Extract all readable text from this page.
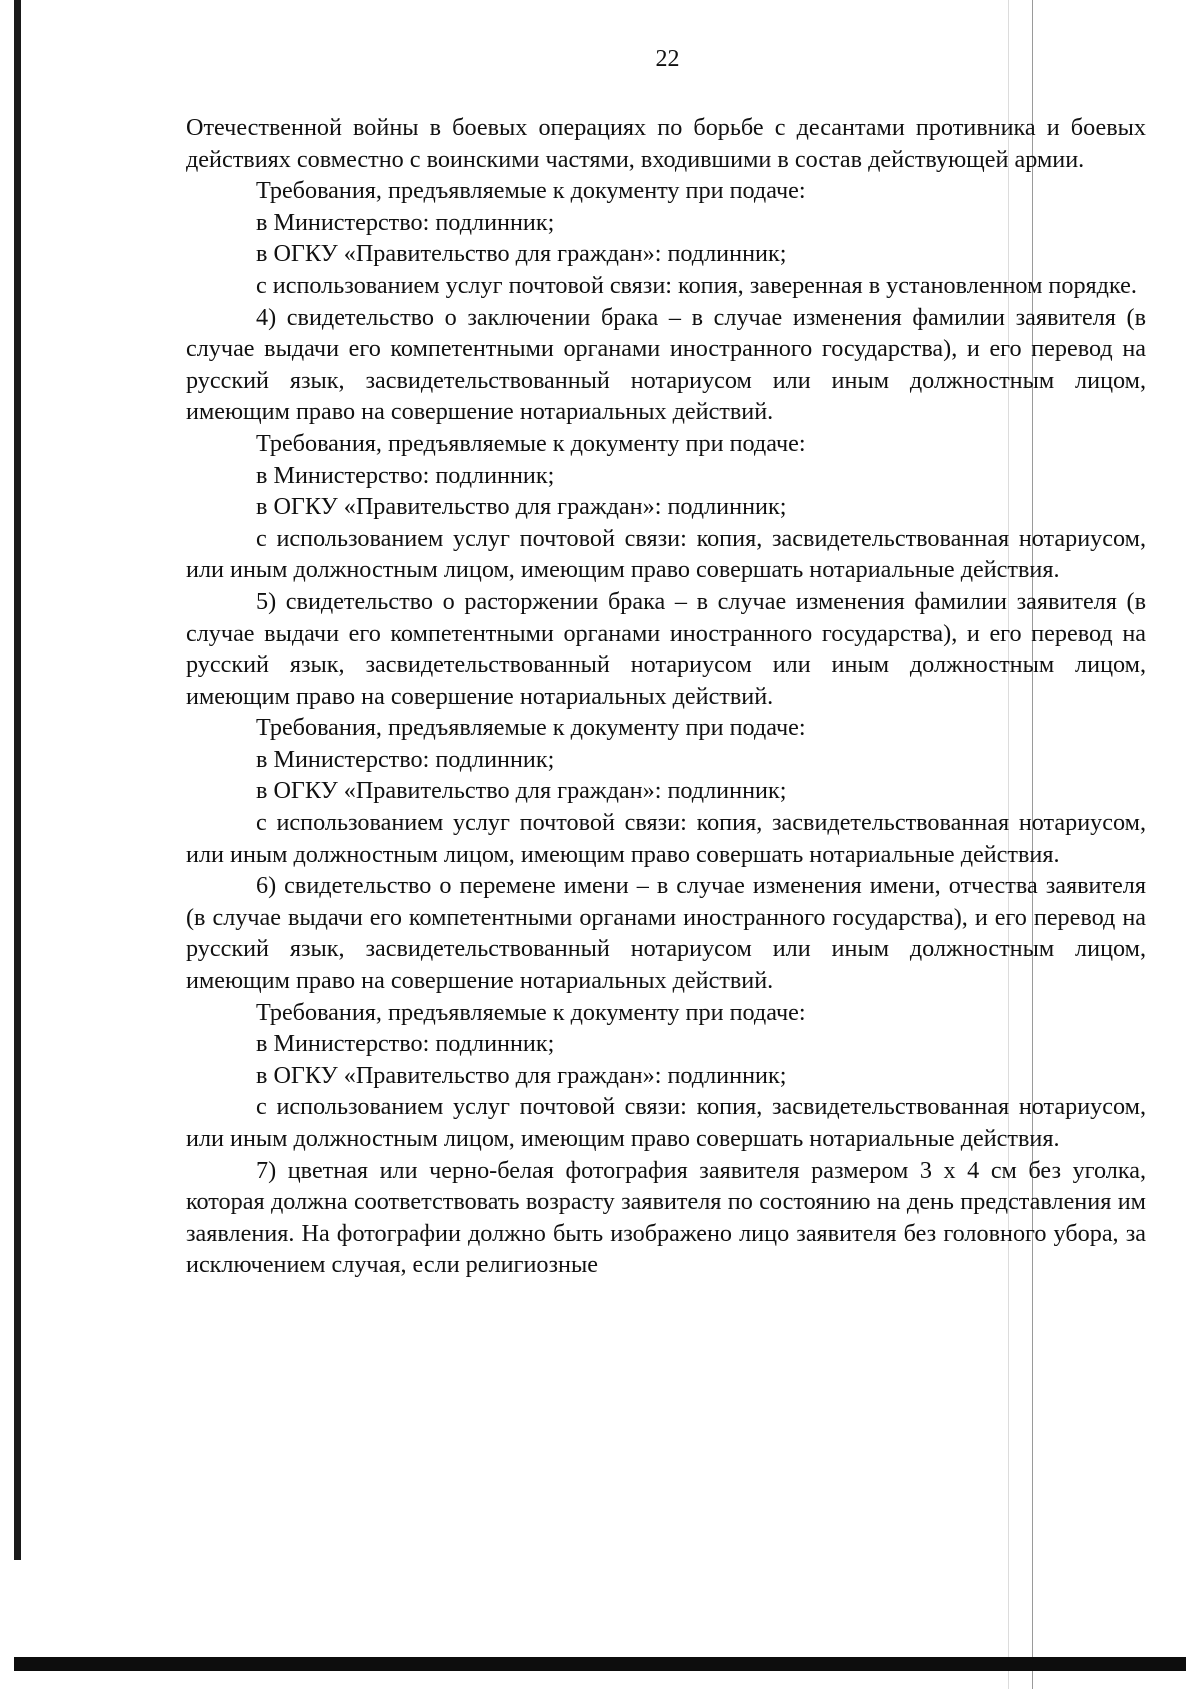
22

Отечественной войны в боевых операциях по борьбе с десантами противника и боевых действиях совместно с воинскими частями, входившими в состав действующей армии.

Требования, предъявляемые к документу при подаче:

в Министерство: подлинник;

в ОГКУ «Правительство для граждан»: подлинник;

с использованием услуг почтовой связи: копия, заверенная в установленном порядке.

4) свидетельство о заключении брака – в случае изменения фамилии заявителя (в случае выдачи его компетентными органами иностранного государства), и его перевод на русский язык, засвидетельствованный нотариусом или иным должностным лицом, имеющим право на совершение нотариальных действий.

Требования, предъявляемые к документу при подаче:

в Министерство: подлинник;

в ОГКУ «Правительство для граждан»: подлинник;

с использованием услуг почтовой связи: копия, засвидетельствованная нотариусом, или иным должностным лицом, имеющим право совершать нотариальные действия.

5) свидетельство о расторжении брака – в случае изменения фамилии заявителя (в случае выдачи его компетентными органами иностранного государства), и его перевод на русский язык, засвидетельствованный нотариусом или иным должностным лицом, имеющим право на совершение нотариальных действий.

Требования, предъявляемые к документу при подаче:

в Министерство: подлинник;

в ОГКУ «Правительство для граждан»: подлинник;

с использованием услуг почтовой связи: копия, засвидетельствованная нотариусом, или иным должностным лицом, имеющим право совершать нотариальные действия.

6) свидетельство о перемене имени – в случае изменения имени, отчества заявителя (в случае выдачи его компетентными органами иностранного государства), и его перевод на русский язык, засвидетельствованный нотариусом или иным должностным лицом, имеющим право на совершение нотариальных действий.

Требования, предъявляемые к документу при подаче:

в Министерство: подлинник;

в ОГКУ «Правительство для граждан»: подлинник;

с использованием услуг почтовой связи: копия, засвидетельствованная нотариусом, или иным должностным лицом, имеющим право совершать нотариальные действия.

7) цветная или черно-белая фотография заявителя размером 3 х 4 см без уголка, которая должна соответствовать возрасту заявителя по состоянию на день представления им заявления. На фотографии должно быть изображено лицо заявителя без головного убора, за исключением случая, если религиозные
